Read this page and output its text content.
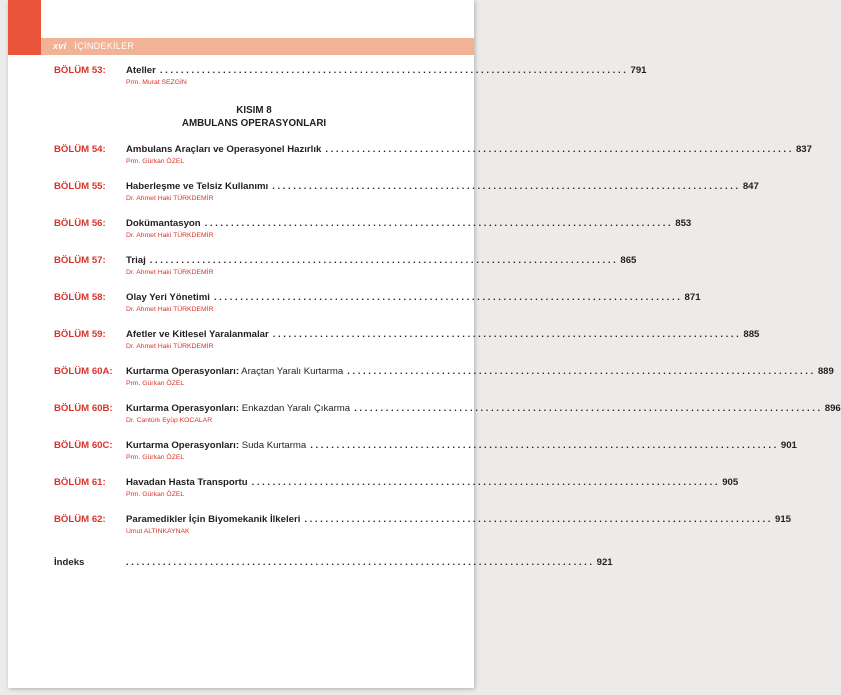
xvi İÇİNDEKİLER
BÖLÜM 53:	Ateller ......................................................................................... 791
Prm. Murat SEZGİN
KISIM 8
AMBULANS OPERASYONLARI
BÖLÜM 54:	Ambulans Araçları ve Operasyonel Hazırlık ......................................................................................... 837
Prm. Gürkan ÖZEL
BÖLÜM 55:	Haberleşme ve Telsiz Kullanımı ......................................................................................... 847
Dr. Ahmet Haki TÜRKDEMİR
BÖLÜM 56:	Dokümantasyon ......................................................................................... 853
Dr. Ahmet Haki TÜRKDEMİR
BÖLÜM 57:	Triaj ......................................................................................... 865
Dr. Ahmet Haki TÜRKDEMİR
BÖLÜM 58:	Olay Yeri Yönetimi ......................................................................................... 871
Dr. Ahmet Haki TÜRKDEMİR
BÖLÜM 59:	Afetler ve Kitlesel Yaralanmalar ......................................................................................... 885
Dr. Ahmet Haki TÜRKDEMİR
BÖLÜM 60A:	Kurtarma Operasyonları: Araçtan Yaralı Kurtarma ......................................................................................... 889
Prm. Gürkan ÖZEL
BÖLÜM 60B:	Kurtarma Operasyonları: Enkazdan Yaralı Çıkarma ......................................................................................... 896
Dr. Cantürk Eyüp KOCALAR
BÖLÜM 60C:	Kurtarma Operasyonları: Suda Kurtarma ......................................................................................... 901
Prm. Gürkan ÖZEL
BÖLÜM 61:	Havadan Hasta Transportu ......................................................................................... 905
Prm. Gürkan ÖZEL
BÖLÜM 62:	Paramedikler İçin Biyomekanik İlkeleri ......................................................................................... 915
Umut ALTINKAYNAK
İndeks	......................................................................................... 921
